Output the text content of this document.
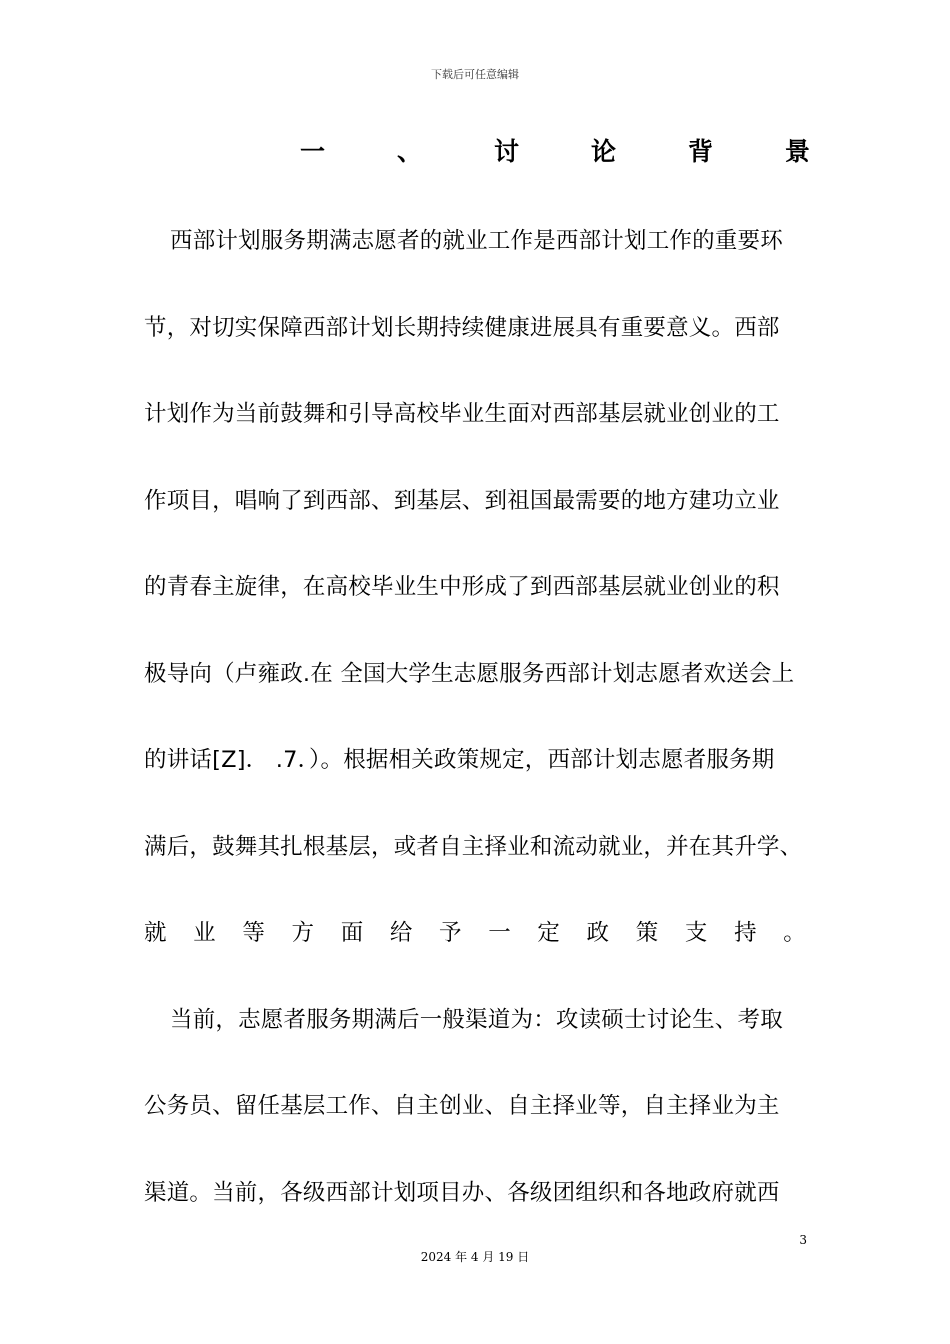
下载后可任意编辑
一	、	讨	论	背	景
西部计划服务期满志愿者的就业工作是西部计划工作的重要环
节，对切实保障西部计划长期持续健康进展具有重要意义。西部
计划作为当前鼓舞和引导高校毕业生面对西部基层就业创业的工
作项目，唱响了到西部、到基层、到祖国最需要的地方建功立业
的青春主旋律，在高校毕业生中形成了到西部基层就业创业的积
极导向（卢雍政.在 全国大学生志愿服务西部计划志愿者欢送会上
的讲话[Z]． .7．）。根据相关政策规定，西部计划志愿者服务期
满后，鼓舞其扎根基层，或者自主择业和流动就业，并在其升学、
就 业 等 方 面 给 予 一 定 政 策 支 持 。
当前，志愿者服务期满后一般渠道为：攻读硕士讨论生、考取
公务员、留任基层工作、自主创业、自主择业等，自主择业为主
渠道。当前，各级西部计划项目办、各级团组织和各地政府就西
3
2024 年 4 月 19 日
